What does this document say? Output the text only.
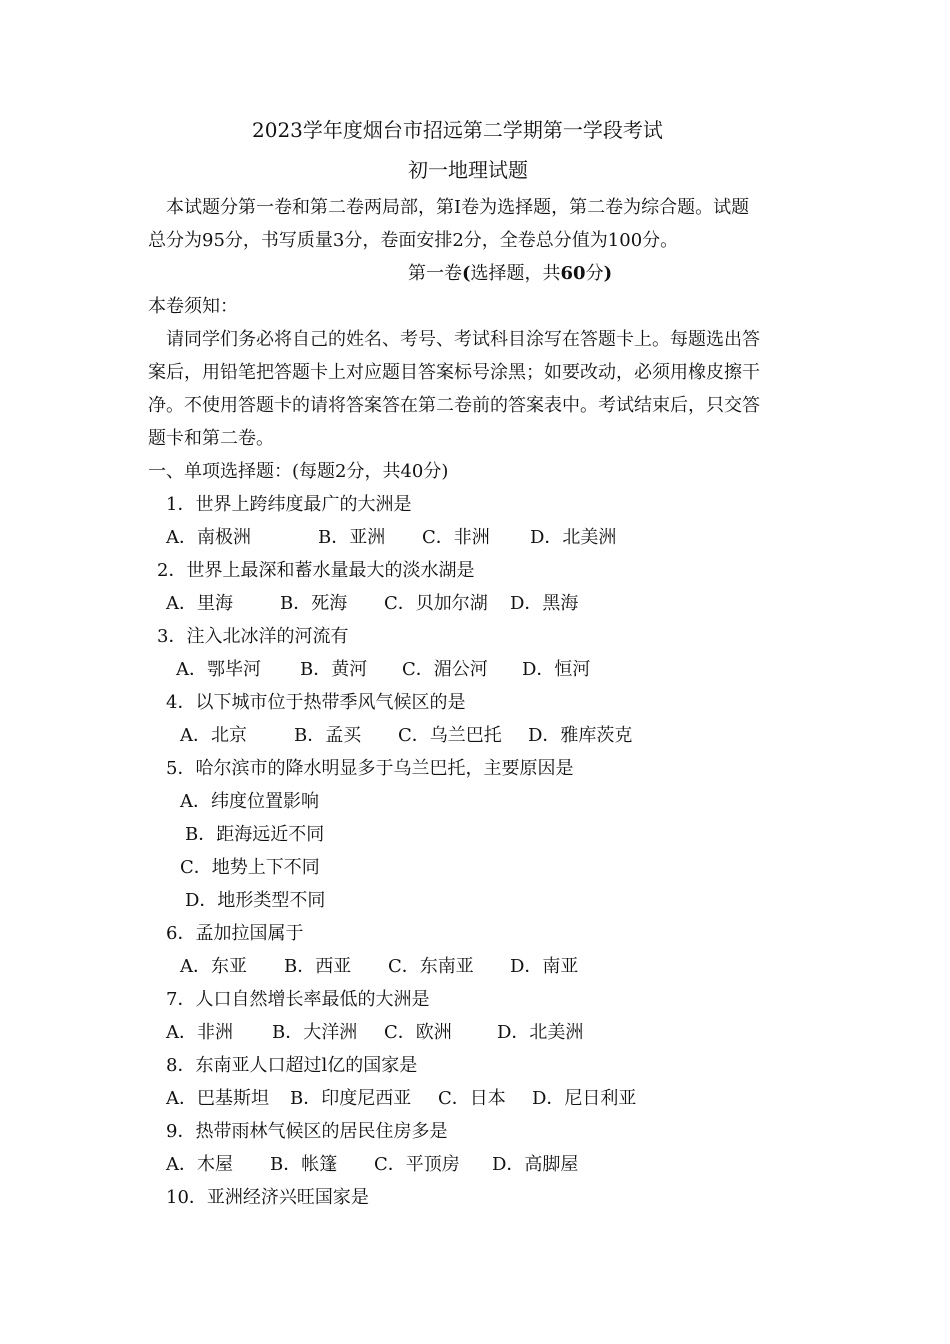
2023学年度烟台市招远第二学期第一学段考试
初一地理试题
本试题分第一卷和第二卷两局部，第Ⅰ卷为选择题，第二卷为综合题。试题
总分为95分，书写质量3分，卷面安排2分，全卷总分值为100分。
第一卷(选择题，共60分)
本卷须知：
请同学们务必将自己的姓名、考号、考试科目涂写在答题卡上。每题选出答
案后，用铅笔把答题卡上对应题目答案标号涂黑；如要改动，必须用橡皮擦干
净。不使用答题卡的请将答案答在第二卷前的答案表中。考试结束后，只交答
题卡和第二卷。
一、单项选择题：(每题2分，共40分)
1．世界上跨纬度最广的大洲是
A．南极洲	B．亚洲 C．非洲 D．北美洲
2．世界上最深和蓄水量最大的淡水湖是
A．里海	B．死海 C．贝加尔湖 D．黑海
3．注入北冰洋的河流有
A．鄂毕河 B．黄河 C．湄公河 D．恒河
4．以下城市位于热带季风气候区的是
A．北京	B．孟买 C．乌兰巴托 D．雅库茨克
5．哈尔滨市的降水明显多于乌兰巴托，主要原因是
A．纬度位置影响
B．距海远近不同
C．地势上下不同
D．地形类型不同
6．孟加拉国属于
A．东亚 B．西亚 C．东南亚 D．南亚
7．人口自然增长率最低的大洲是
A．非洲 B．大洋洲 C．欧洲	D．北美洲
8．东南亚人口超过l亿的国家是
A．巴基斯坦 B．印度尼西亚 C．日本 D．尼日利亚
9．热带雨林气候区的居民住房多是
A．木屋 B．帐篷 C．平顶房 D．高脚屋
10．亚洲经济兴旺国家是
